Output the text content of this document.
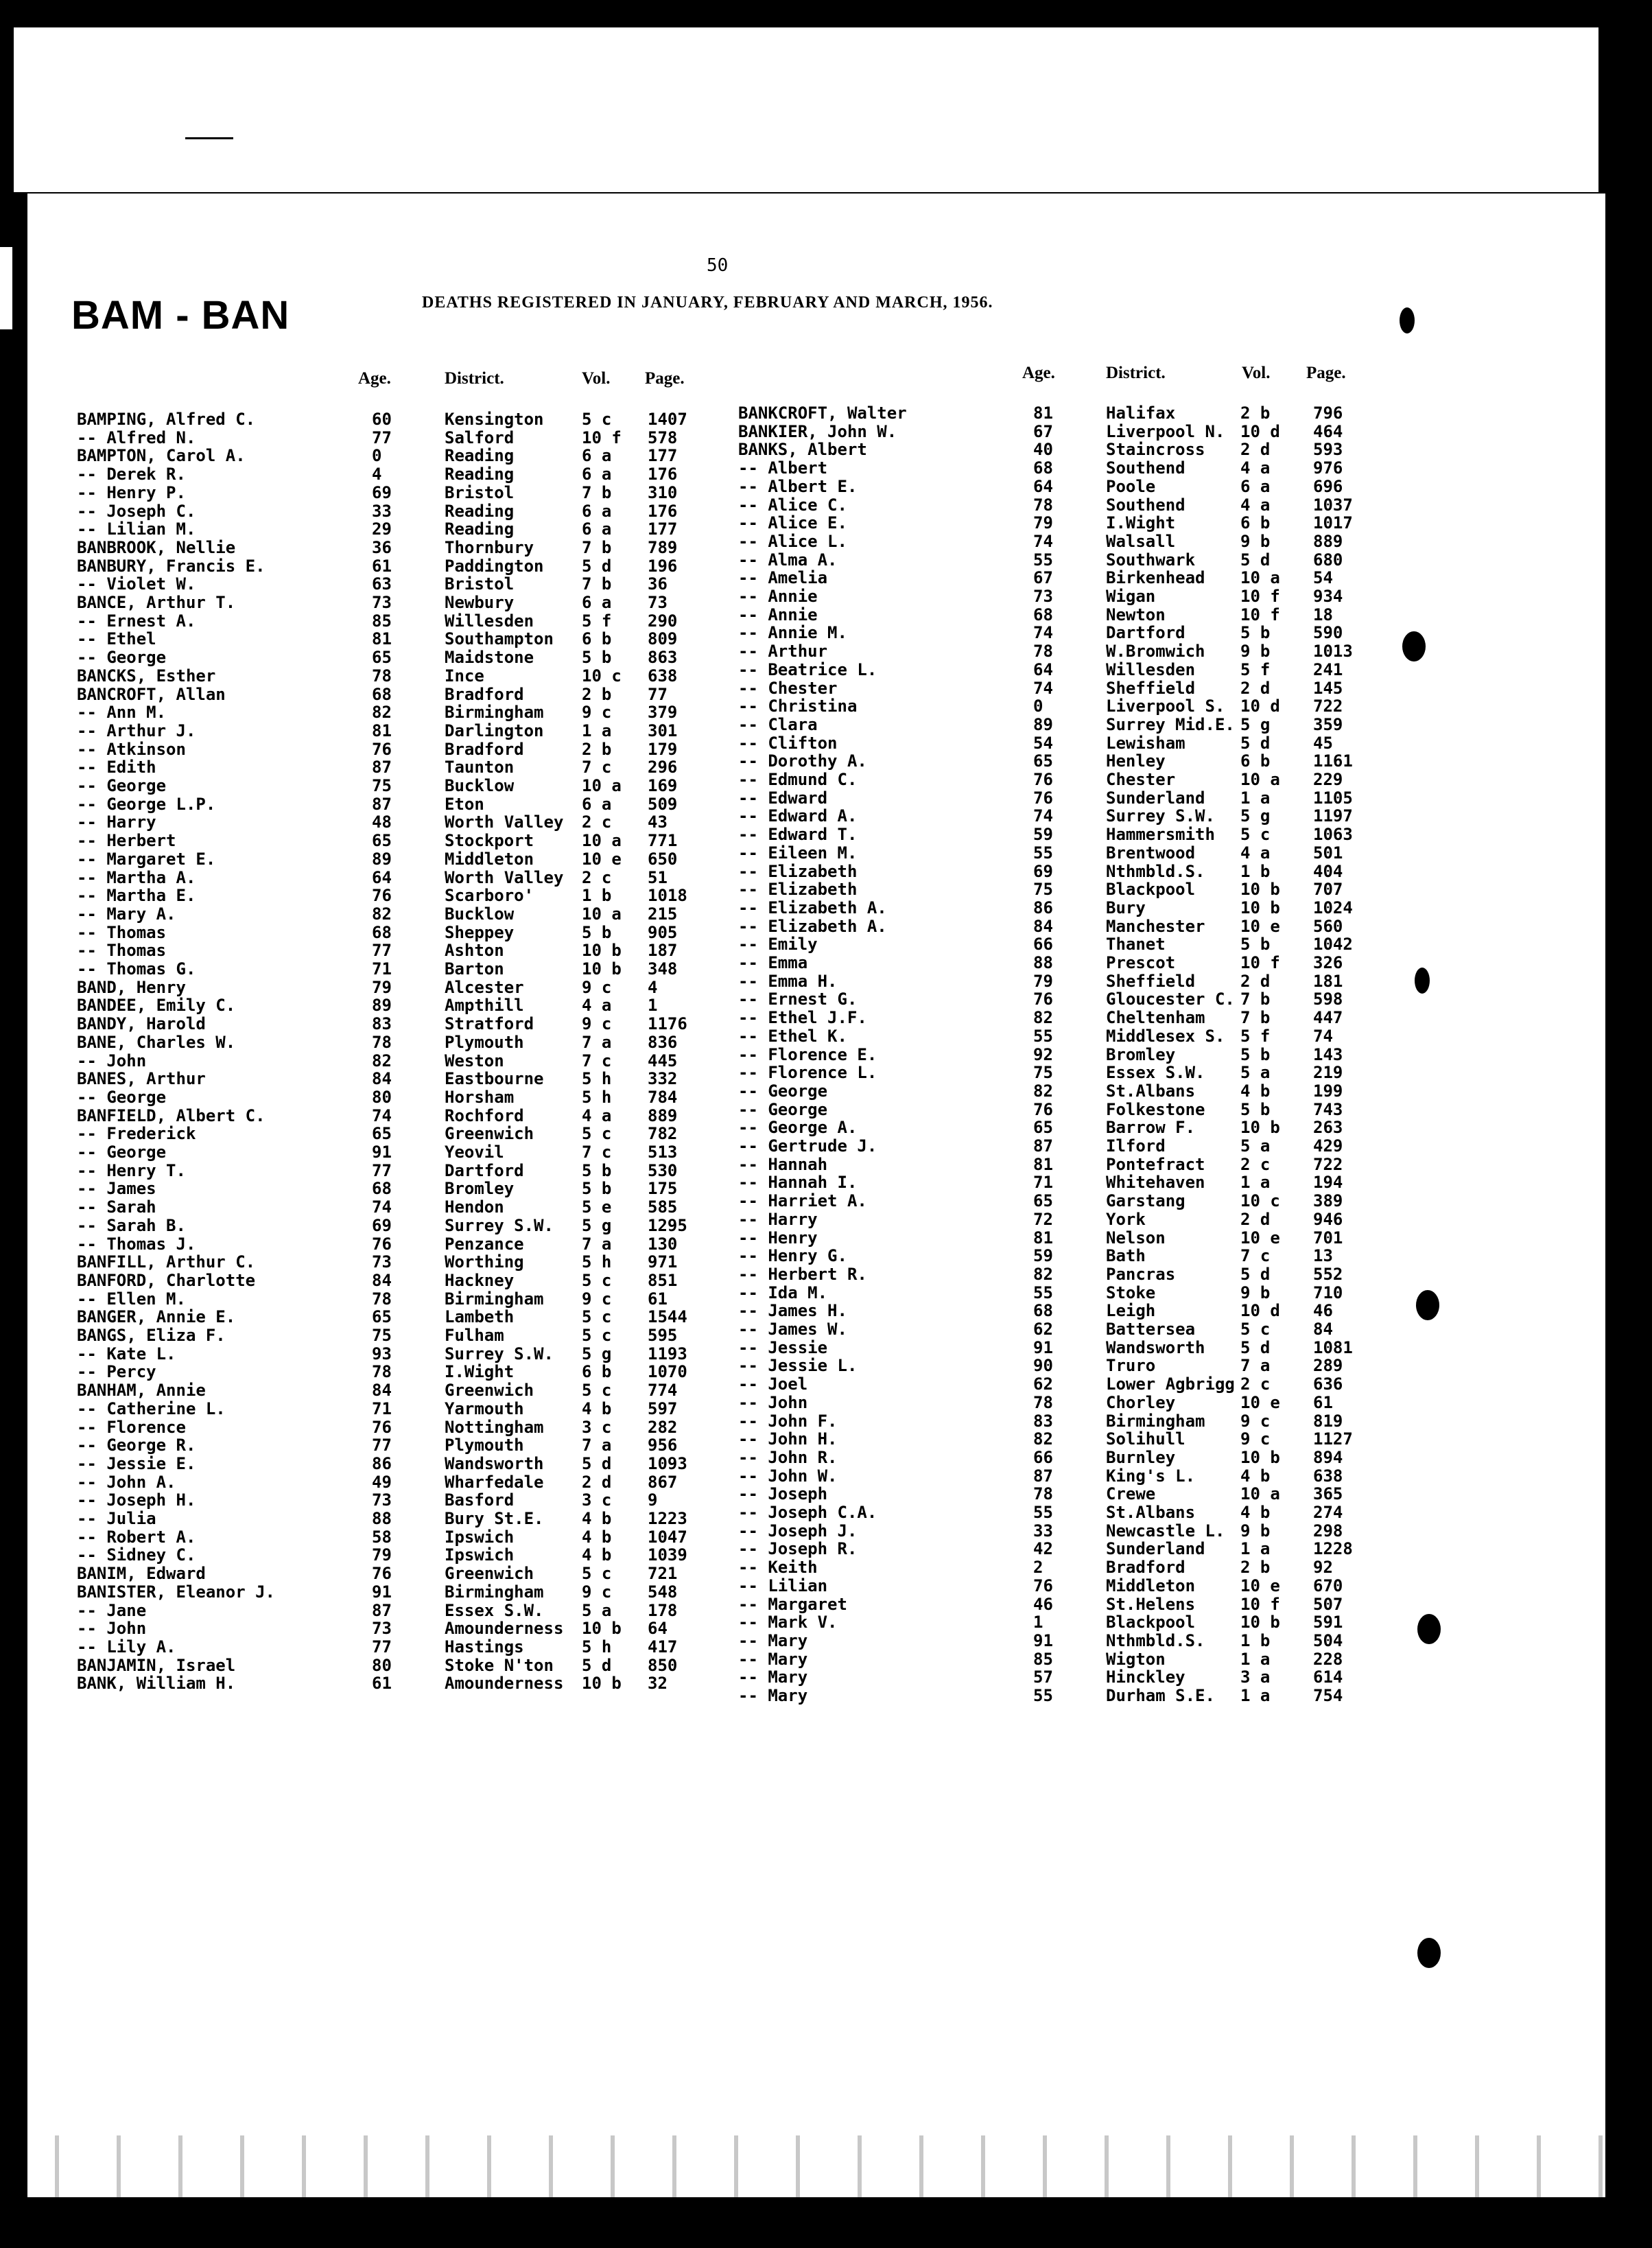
50
BAM - BAN	DEATHS REGISTERED IN JANUARY, FEBRUARY AND MARCH, 1956.
Age.	District.	Vol. Page.	Age.	District.	Vol. Page.
BAMPING, Alfred C.	60	Kensington 5 c 1407
-- Alfred N.	77	Salford	10 f 578
BAMPTON, Carol A.	0	Reading	6 a 177
-- Derek R.	4	Reading	6 a 176
-- Henry P.	69	Bristol	7 b 310
-- Joseph C.	33	Reading	6 a 176
-- Lilian M.	29	Reading	6 a 177
BANBROOK, Nellie	36	Thornbury	7 b 789
BANBURY, Francis E.	61	Paddington 5 d 196
-- Violet W.	63	Bristol	7 b 36
BANCE, Arthur T.	73	Newbury	6 a 73
-- Ernest A.	85	Willesden	5 f 290
-- Ethel	81	Southampton 6 b 809
-- George	65	Maidstone	5 b 863
BANCKS, Esther	78	Ince	10 c 638
BANCROFT, Allan	68	Bradford	2 b 77
-- Ann M.	82	Birmingham 9 c 379
-- Arthur J.	81	Darlington 1 a 301
-- Atkinson	76	Bradford	2 b 179
-- Edith	87	Taunton	7 c 296
-- George	75	Bucklow	10 a 169
-- George L.P.	87	Eton	6 a 509
-- Harry	48	Worth Valley 2 c 43
-- Herbert	65	Stockport	10 a 771
-- Margaret E.	89	Middleton	10 e 650
-- Martha A.	64	Worth Valley 2 c 51
-- Martha E.	76	Scarboro'	1 b 1018
-- Mary A.	82	Bucklow	10 a 215
-- Thomas	68	Sheppey	5 b 905
-- Thomas	77	Ashton	10 b 187
-- Thomas G.	71	Barton	10 b 348
BAND, Henry	79	Alcester	9 c 4
BANDEE, Emily C.	89	Ampthill	4 a 1
BANDY, Harold	83	Stratford	9 c 1176
BANE, Charles W.	78	Plymouth	7 a 836
-- John	82	Weston	7 c 445
BANES, Arthur	84	Eastbourne 5 h 332
-- George	80	Horsham	5 h 784
BANFIELD, Albert C.	74	Rochford	4 a 889
-- Frederick	65	Greenwich	5 c 782
-- George	91	Yeovil	7 c 513
-- Henry T.	77	Dartford	5 b 530
-- James	68	Bromley	5 b 175
-- Sarah	74	Hendon	5 e 585
-- Sarah B.	69	Surrey S.W. 5 g 1295
-- Thomas J.	76	Penzance	7 a 130
BANFILL, Arthur C.	73	Worthing	5 h 971
BANFORD, Charlotte	84	Hackney	5 c 851
-- Ellen M.	78	Birmingham 9 c 61
BANGER, Annie E.	65	Lambeth	5 c 1544
BANGS, Eliza F.	75	Fulham	5 c 595
-- Kate L.	93	Surrey S.W. 5 g 1193
-- Percy	78	I.Wight	6 b 1070
BANHAM, Annie	84	Greenwich	5 c 774
-- Catherine L.	71	Yarmouth	4 b 597
-- Florence	76	Nottingham 3 c 282
-- George R.	77	Plymouth	7 a 956
-- Jessie E.	86	Wandsworth 5 d 1093
-- John A.	49	Wharfedale 2 d 867
-- Joseph H.	73	Basford	3 c 9
-- Julia	88	Bury St.E. 4 b 1223
-- Robert A.	58	Ipswich	4 b 1047
-- Sidney C.	79	Ipswich	4 b 1039
BANIM, Edward	76	Greenwich	5 c 721
BANISTER, Eleanor J.	91	Birmingham 9 c 548
-- Jane	87	Essex S.W. 5 a 178
-- John	73	Amounderness 10 b 64
-- Lily A.	77	Hastings	5 h 417
BANJAMIN, Israel	80	Stoke N'ton 5 d 850
BANK, William H.	61	Amounderness 10 b 32
BANKCROFT, Walter	81	Halifax	2 b	796
BANKIER, John W.	67	Liverpool N. 10 d 464
BANKS, Albert	40	Staincross 2 d	593
-- Albert	68	Southend	4 a	976
-- Albert E.	64	Poole	6 a	696
-- Alice C.	78	Southend	4 a	1037
-- Alice E.	79	I.Wight	6 b	1017
-- Alice L.	74	Walsall	9 b	889
-- Alma A.	55	Southwark	5 d	680
-- Amelia	67	Birkenhead 10 a 54
-- Annie	73	Wigan	10 f 934
-- Annie	68	Newton	10 f 18
-- Annie M.	74	Dartford	5 b	590
-- Arthur	78	W.Bromwich 9 b	1013
-- Beatrice L.	64	Willesden	5 f	241
-- Chester	74	Sheffield	2 d	145
-- Christina	0	Liverpool S. 10 d 722
-- Clara	89	Surrey Mid.E. 5 g	359
-- Clifton	54	Lewisham	5 d	45
-- Dorothy A.	65	Henley	6 b	1161
-- Edmund C.	76	Chester	10 a 229
-- Edward	76	Sunderland 1 a	1105
-- Edward A.	74	Surrey S.W. 5 g	1197
-- Edward T.	59	Hammersmith 5 c	1063
-- Eileen M.	55	Brentwood	4 a	501
-- Elizabeth	69	Nthmbld.S. 1 b	404
-- Elizabeth	75	Blackpool	10 b 707
-- Elizabeth A.	86	Bury	10 b 1024
-- Elizabeth A.	84	Manchester 10 e 560
-- Emily	66	Thanet	5 b	1042
-- Emma	88	Prescot	10 f 326
-- Emma H.	79	Sheffield	2 d	181
-- Ernest G.	76	Gloucester C. 7 b	598
-- Ethel J.F.	82	Cheltenham 7 b	447
-- Ethel K.	55	Middlesex S. 5 f	74
-- Florence E.	92	Bromley	5 b	143
-- Florence L.	75	Essex S.W. 5 a	219
-- George	82	St.Albans	4 b	199
-- George	76	Folkestone 5 b	743
-- George A.	65	Barrow F.	10 b 263
-- Gertrude J.	87	Ilford	5 a	429
-- Hannah	81	Pontefract 2 c	722
-- Hannah I.	71	Whitehaven 1 a	194
-- Harriet A.	65	Garstang	10 c 389
-- Harry	72	York	2 d	946
-- Henry	81	Nelson	10 e 701
-- Henry G.	59	Bath	7 c	13
-- Herbert R.	82	Pancras	5 d	552
-- Ida M.	55	Stoke	9 b	710
-- James H.	68	Leigh	10 d 46
-- James W.	62	Battersea	5 c	84
-- Jessie	91	Wandsworth 5 d	1081
-- Jessie L.	90	Truro	7 a	289
-- Joel	62	Lower Agbrigg 2 c	636
-- John	78	Chorley	10 e 61
-- John F.	83	Birmingham 9 c	819
-- John H.	82	Solihull	9 c	1127
-- John R.	66	Burnley	10 b 894
-- John W.	87	King's L.	4 b	638
-- Joseph	78	Crewe	10 a 365
-- Joseph C.A.	55	St.Albans	4 b	274
-- Joseph J.	33	Newcastle L. 9 b	298
-- Joseph R.	42	Sunderland 1 a	1228
-- Keith	2	Bradford	2 b	92
-- Lilian	76	Middleton	10 e 670
-- Margaret	46	St.Helens	10 f 507
-- Mark V.	1	Blackpool	10 b 591
-- Mary	91	Nthmbld.S. 1 b	504
-- Mary	85	Wigton	1 a	228
-- Mary	57	Hinckley	3 a	614
-- Mary	55	Durham S.E. 1 a	754
